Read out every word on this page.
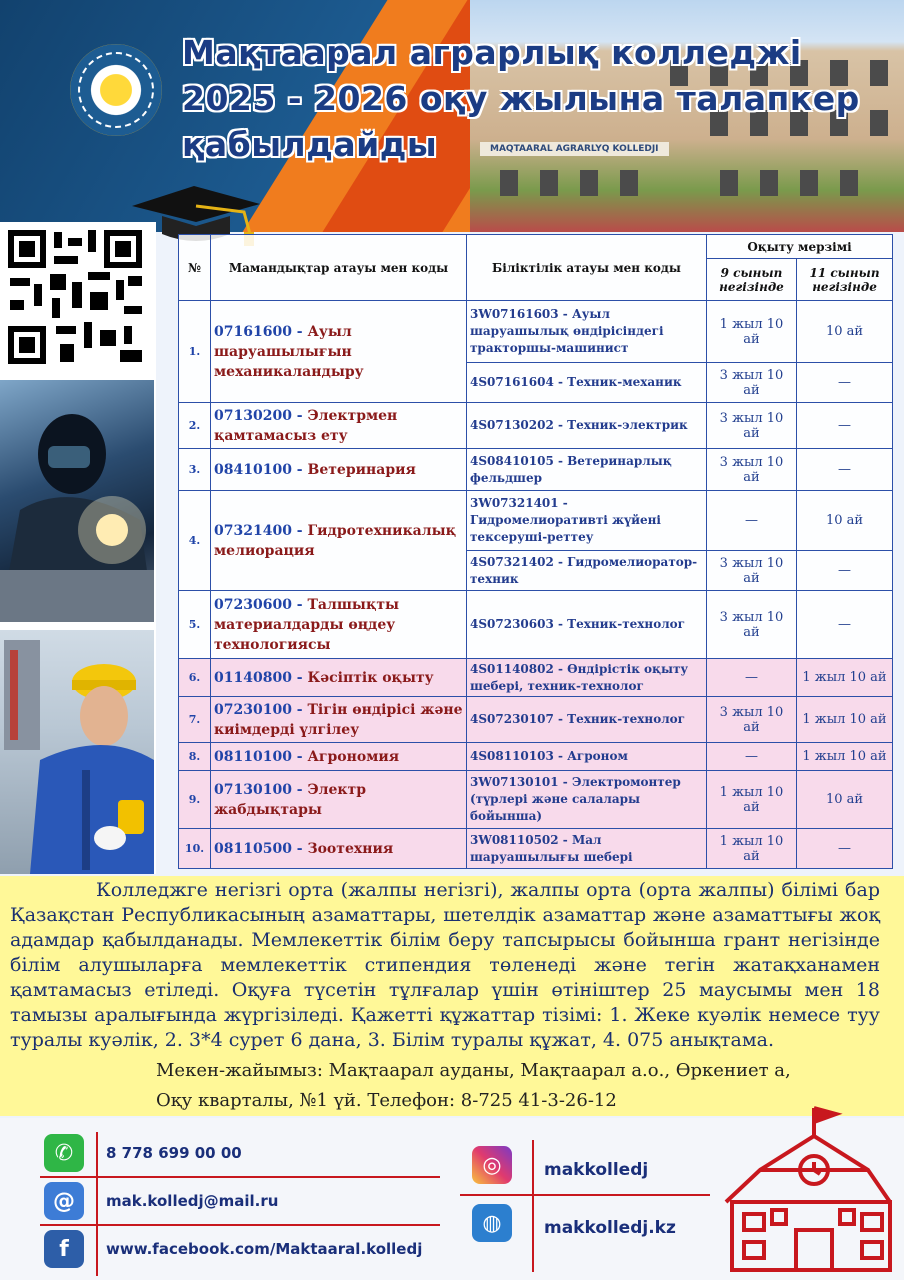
MAQTAARAL AGRARLYQ KOLLEDJI
Мақтаарал аграрлық колледжі
2025 - 2026 оқу жылына талапкер
қабылдайды
№	Мамандықтар атауы мен коды	Біліктілік атауы мен коды	Оқыту мерзімі	
			9 сынып негізінде	11 сынып негізінде
1.	07161600 - Ауыл шаруашылығын механикаландыру	3W07161603 - Ауыл шаруашылық өндірісіндегі тракторшы-машинист	1 жыл 10 ай	10 ай
		4S07161604 - Техник-механик	3 жыл 10 ай	—
2.	07130200 - Электрмен қамтамасыз ету	4S07130202 - Техник-электрик	3 жыл 10 ай	—
3.	08410100 - Ветеринария	4S08410105 - Ветеринарлық фельдшер	3 жыл 10 ай	—
4.	07321400 - Гидротехникалық мелиорация	3W07321401 - Гидромелиоративті жүйені тексеруші-реттеу	—	10 ай
		4S07321402 - Гидромелиоратор-техник	3 жыл 10 ай	—
5.	07230600 - Талшықты материалдарды өңдеу технологиясы	4S07230603 - Техник-технолог	3 жыл 10 ай	—
6.	01140800 - Кәсіптік оқыту	4S01140802 - Өндірістік оқыту шебері, техник-технолог	—	1 жыл 10 ай
7.	07230100 - Тігін өндірісі және киімдерді үлгілеу	4S07230107 - Техник-технолог	3 жыл 10 ай	1 жыл 10 ай
8.	08110100 - Агрономия	4S08110103 - Агроном	—	1 жыл 10 ай
9.	07130100 - Электр жабдықтары	3W07130101 - Электромонтер (түрлері және салалары бойынша)	1 жыл 10 ай	10 ай
10.	08110500 - Зоотехния	3W08110502 - Мал шаруашылығы шебері	1 жыл 10 ай	—
Колледжге негізгі орта (жалпы негізгі), жалпы орта (орта жалпы) білімі бар Қазақстан Республикасының азаматтары, шетелдік азаматтар және азаматтығы жоқ адамдар қабылданады. Мемлекеттік білім беру тапсырысы бойынша грант негізінде білім алушыларға мемлекеттік стипендия төленеді және тегін жатақханамен қамтамасыз етіледі. Оқуға түсетін тұлғалар үшін өтініштер 25 маусымы мен 18 тамызы аралығында жүргізіледі. Қажетті құжаттар тізімі: 1. Жеке куәлік немесе туу туралы куәлік, 2. 3*4 сурет 6 дана, 3. Білім туралы құжат, 4. 075 анықтама.
Мекен-жайымыз: Мақтаарал ауданы, Мақтаарал а.о., Өркениет а,
Оқу кварталы, №1 үй. Телефон: 8-725 41-3-26-12
✆	8 778 699 00 00
@	mak.kolledj@mail.ru
f	www.facebook.com/Maktaaral.kolledj
◎	makkolledj
◍	makkolledj.kz
